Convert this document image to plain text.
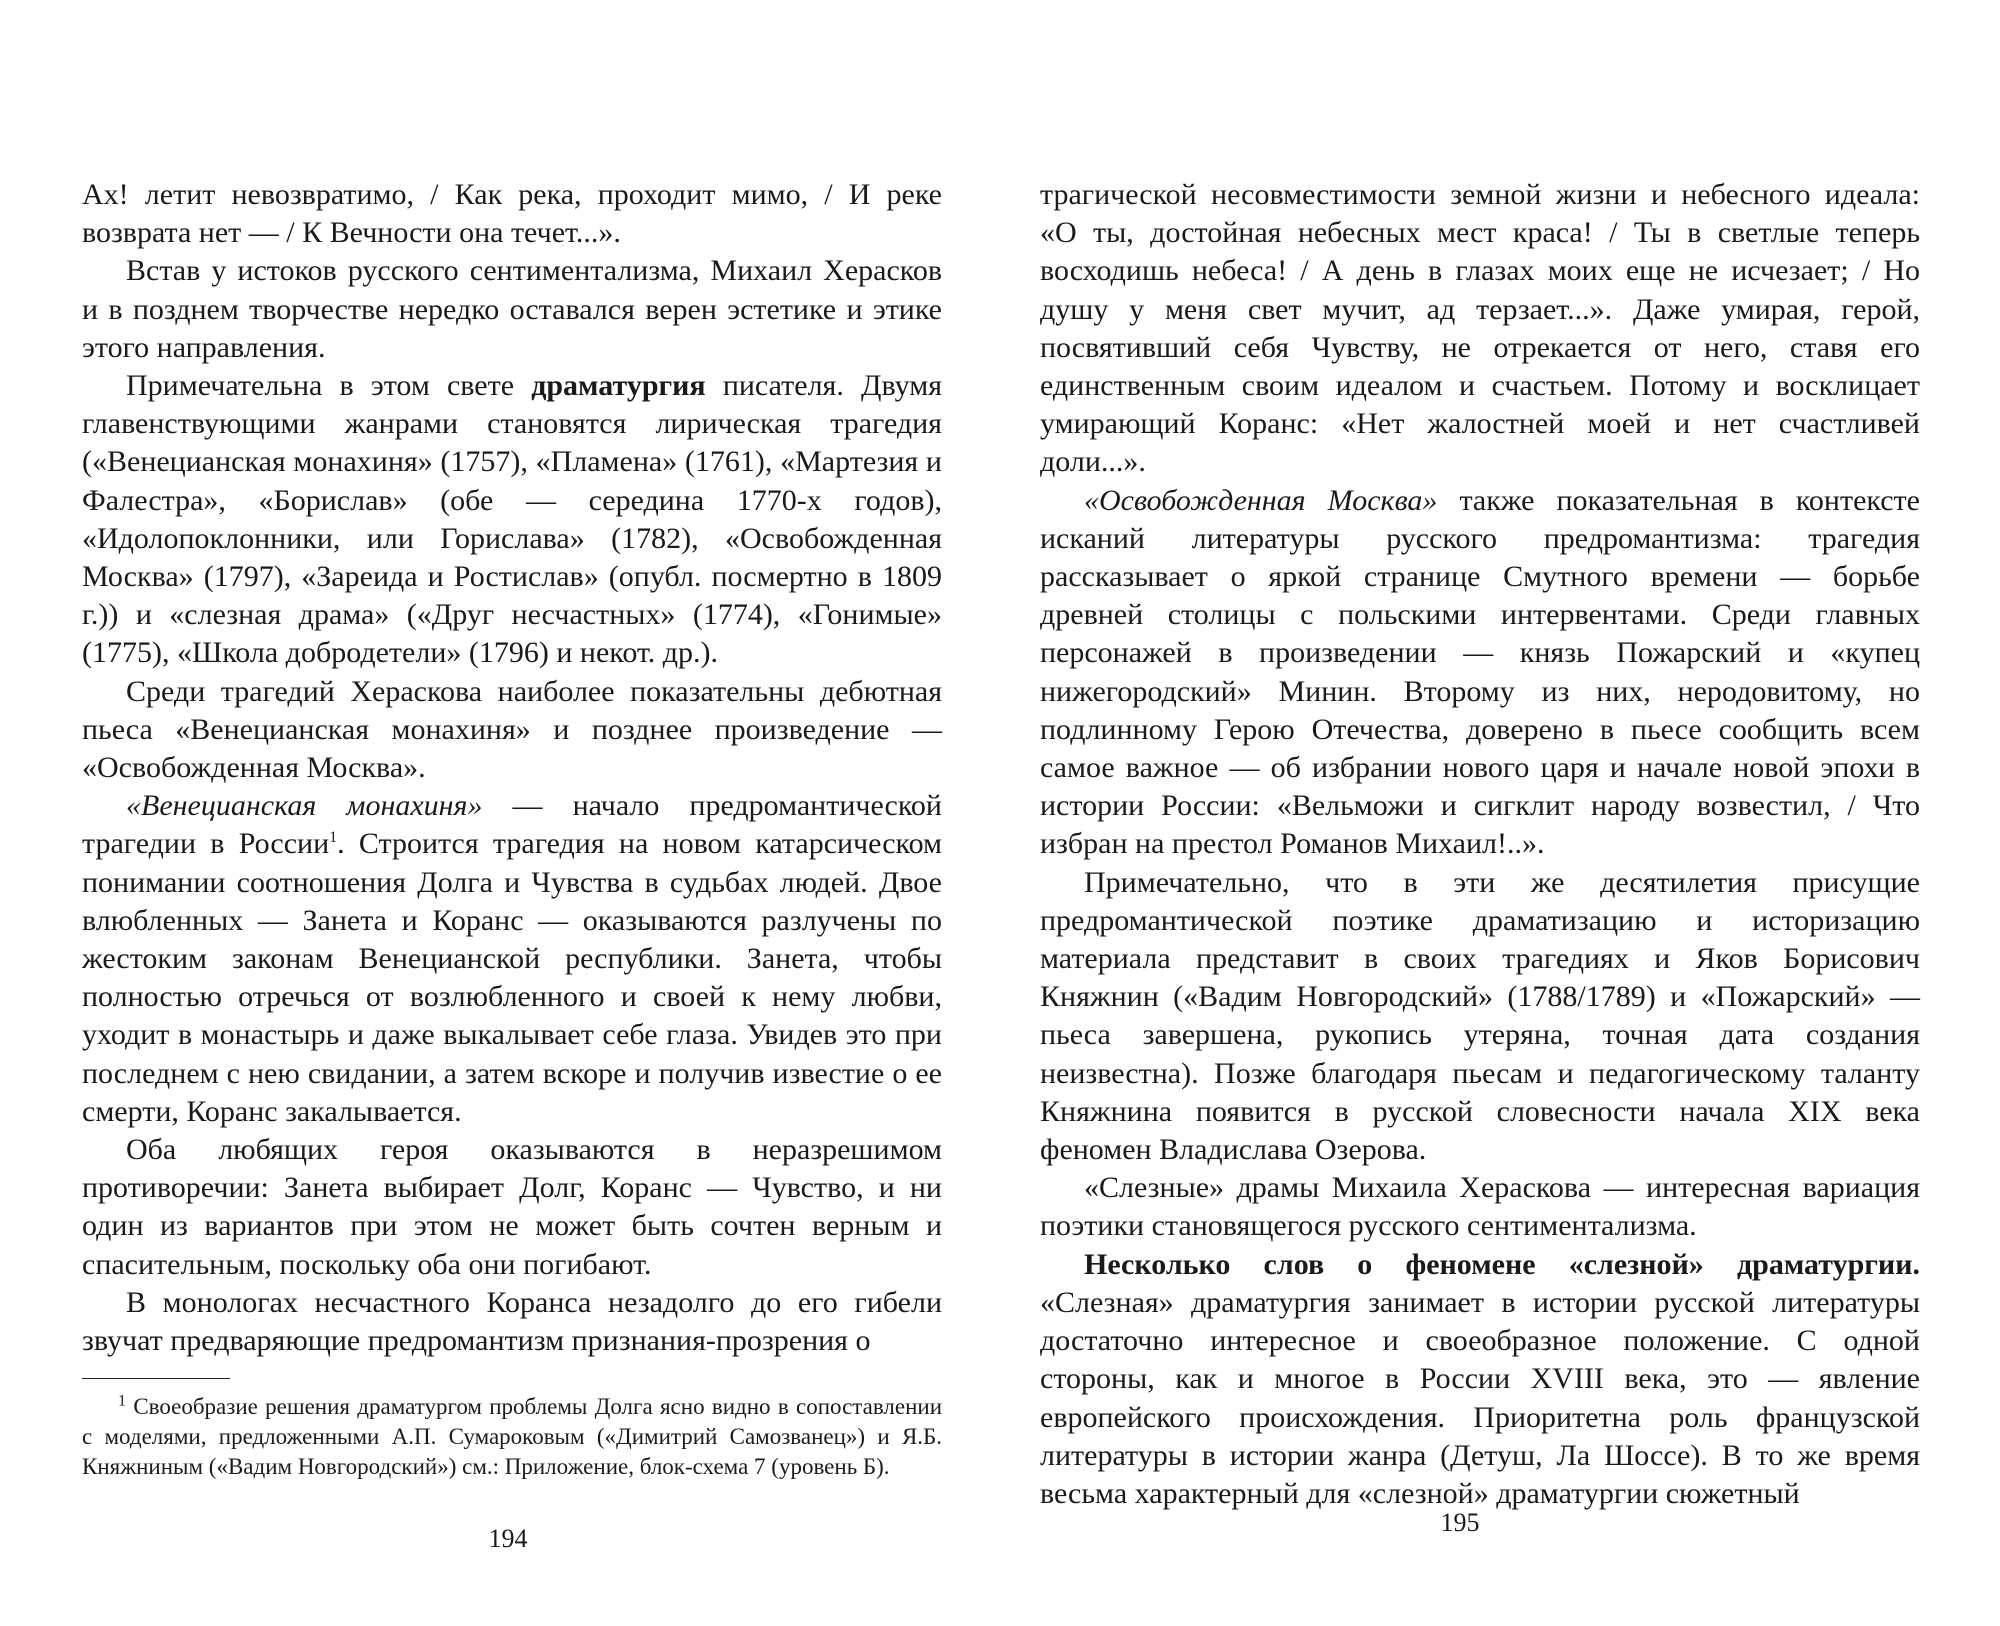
Ах! летит невозвратимо, / Как река, проходит мимо, / И реке возврата нет — / К Вечности она течет...».

Встав у истоков русского сентиментализма, Михаил Херасков и в позднем творчестве нередко оставался верен эстетике и этике этого направления.

Примечательна в этом свете драматургия писателя. Двумя главенствующими жанрами становятся лирическая трагедия («Венецианская монахиня» (1757), «Пламена» (1761), «Мартезия и Фалестра», «Борислав» (обе — середина 1770-х годов), «Идолопоклонники, или Горислава» (1782), «Освобожденная Москва» (1797), «Зареида и Ростислав» (опубл. посмертно в 1809 г.)) и «слезная драма» («Друг несчастных» (1774), «Гонимые» (1775), «Школа добродетели» (1796) и некот. др.).

Среди трагедий Хераскова наиболее показательны дебютная пьеса «Венецианская монахиня» и позднее произведение — «Освобожденная Москва».

«Венецианская монахиня» — начало предромантической трагедии в России$^1$. Строится трагедия на новом катарсическом понимании соотношения Долга и Чувства в судьбах людей. Двое влюбленных — Занета и Коранс — оказываются разлучены по жестоким законам Венецианской республики. Занета, чтобы полностью отречься от возлюбленного и своей к нему любви, уходит в монастырь и даже выкалывает себе глаза. Увидев это при последнем с нею свидании, а затем вскоре и получив известие о ее смерти, Коранс закалывается.

Оба любящих героя оказываются в неразрешимом противоречии: Занета выбирает Долг, Коранс — Чувство, и ни один из вариантов при этом не может быть сочтен верным и спасительным, поскольку оба они погибают.

В монологах несчастного Коранса незадолго до его гибели звучат предваряющие предромантизм признания-прозрения о

$^1$ Своеобразие решения драматургом проблемы Долга ясно видно в сопоставлении с моделями, предложенными А.П. Сумароковым («Димитрий Самозванец») и Я.Б. Княжниным («Вадим Новгородский») см.: Приложение, блок-схема 7 (уровень Б).

194

трагической несовместимости земной жизни и небесного идеала: «О ты, достойная небесных мест краса! / Ты в светлые теперь восходишь небеса! / А день в глазах моих еще не исчезает; / Но душу у меня свет мучит, ад терзает...». Даже умирая, герой, посвятивший себя Чувству, не отрекается от него, ставя его единственным своим идеалом и счастьем. Потому и восклицает умирающий Коранс: «Нет жалостней моей и нет счастливей доли...».

«Освобожденная Москва» также показательная в контексте исканий литературы русского предромантизма: трагедия рассказывает о яркой странице Смутного времени — борьбе древней столицы с польскими интервентами. Среди главных персонажей в произведении — князь Пожарский и «купец нижегородский» Минин. Второму из них, неродовитому, но подлинному Герою Отечества, доверено в пьесе сообщить всем самое важное — об избрании нового царя и начале новой эпохи в истории России: «Вельможи и сигклит народу возвестил, / Что избран на престол Романов Михаил!..».

Примечательно, что в эти же десятилетия присущие предромантической поэтике драматизацию и историзацию материала представит в своих трагедиях и Яков Борисович Княжнин («Вадим Новгородский» (1788/1789) и «Пожарский» — пьеса завершена, рукопись утеряна, точная дата создания неизвестна). Позже благодаря пьесам и педагогическому таланту Княжнина появится в русской словесности начала XIX века феномен Владислава Озерова.

«Слезные» драмы Михаила Хераскова — интересная вариация поэтики становящегося русского сентиментализма.

Несколько слов о феномене «слезной» драматургии. «Слезная» драматургия занимает в истории русской литературы достаточно интересное и своеобразное положение. С одной стороны, как и многое в России XVIII века, это — явление европейского происхождения. Приоритетна роль французской литературы в истории жанра (Детуш, Ла Шоссе). В то же время весьма характерный для «слезной» драматургии сюжетный

195
